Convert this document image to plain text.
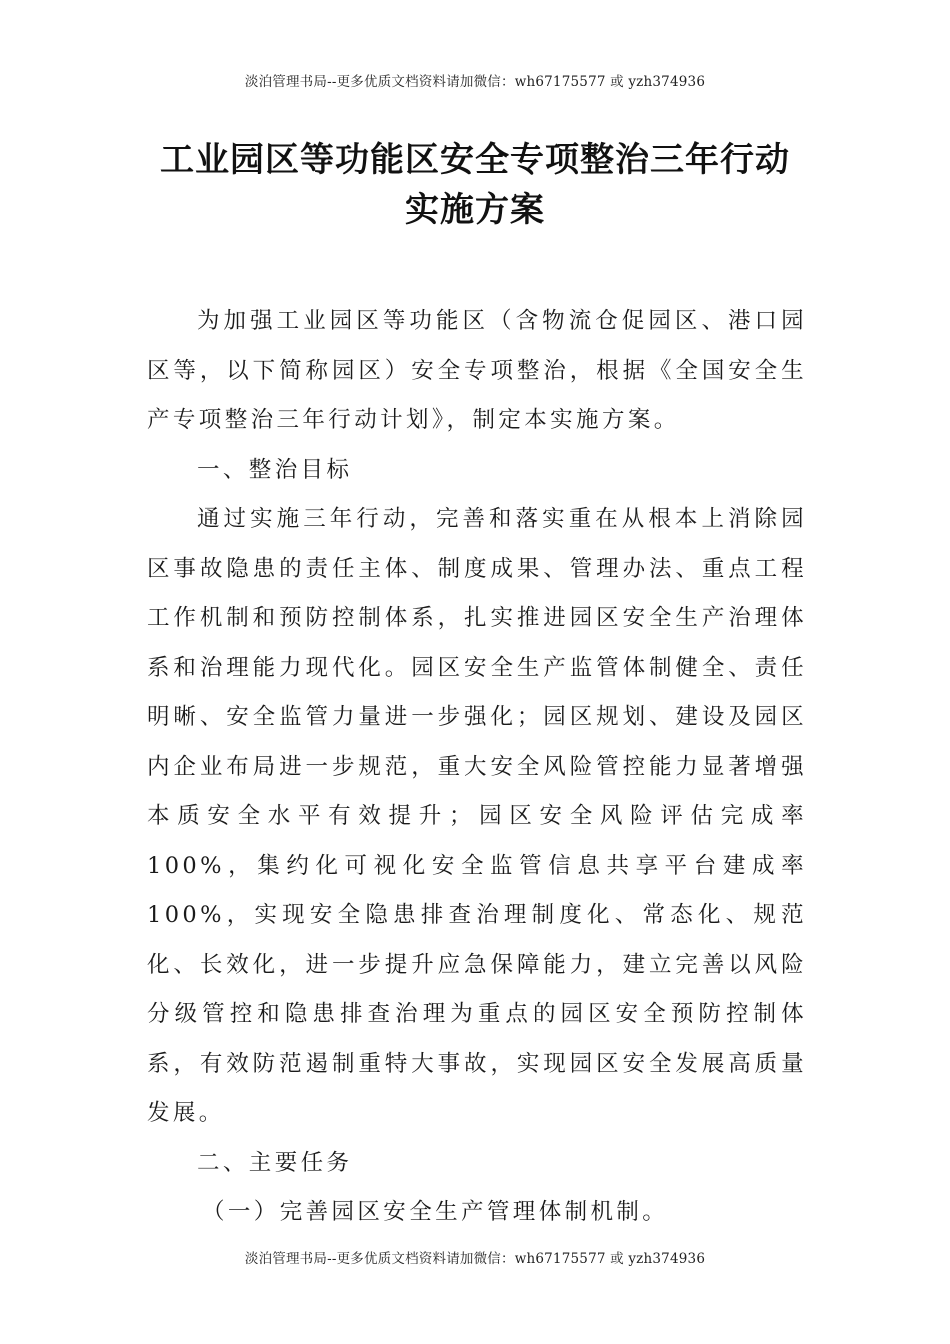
淡泊管理书局--更多优质文档资料请加微信：wh67175577 或 yzh374936
工业园区等功能区安全专项整治三年行动
实施方案

为加强工业园区等功能区（含物流仓促园区、港口园区等，以下简称园区）安全专项整治，根据《全国安全生产专项整治三年行动计划》，制定本实施方案。

一、整治目标

通过实施三年行动，完善和落实重在从根本上消除园区事故隐患的责任主体、制度成果、管理办法、重点工程工作机制和预防控制体系，扎实推进园区安全生产治理体系和治理能力现代化。园区安全生产监管体制健全、责任明晰、安全监管力量进一步强化；园区规划、建设及园区内企业布局进一步规范，重大安全风险管控能力显著增强本质安全水平有效提升；园区安全风险评估完成率 100%，集约化可视化安全监管信息共享平台建成率 100%，实现安全隐患排查治理制度化、常态化、规范化、长效化，进一步提升应急保障能力，建立完善以风险分级管控和隐患排查治理为重点的园区安全预防控制体系，有效防范遏制重特大事故，实现园区安全发展高质量发展。

二、主要任务

（一）完善园区安全生产管理体制机制。

淡泊管理书局--更多优质文档资料请加微信：wh67175577 或 yzh374936
